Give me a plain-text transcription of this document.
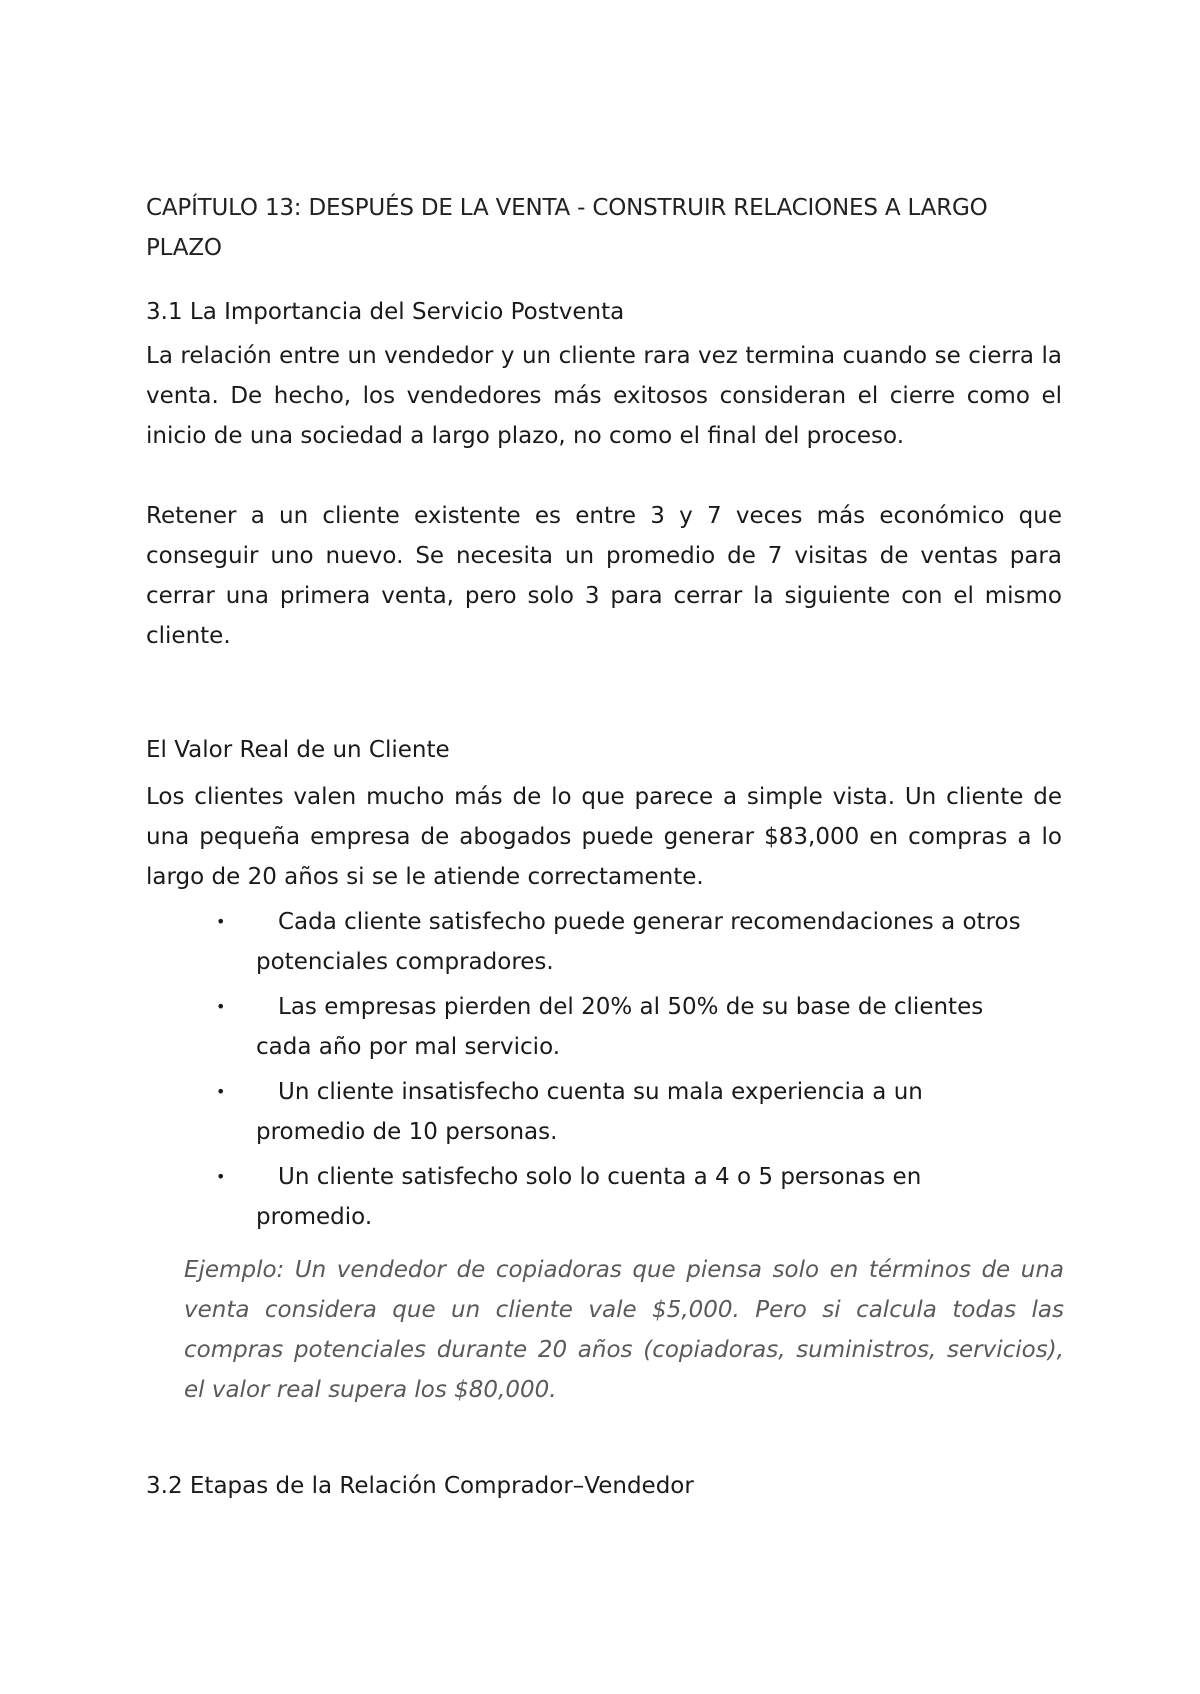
CAPÍTULO 13: DESPUÉS DE LA VENTA - CONSTRUIR RELACIONES A LARGO PLAZO
3.1 La Importancia del Servicio Postventa

La relación entre un vendedor y un cliente rara vez termina cuando se cierra la venta. De hecho, los vendedores más exitosos consideran el cierre como el inicio de una sociedad a largo plazo, no como el final del proceso.

Retener a un cliente existente es entre 3 y 7 veces más económico que conseguir uno nuevo. Se necesita un promedio de 7 visitas de ventas para cerrar una primera venta, pero solo 3 para cerrar la siguiente con el mismo cliente.

El Valor Real de un Cliente

Los clientes valen mucho más de lo que parece a simple vista. Un cliente de una pequeña empresa de abogados puede generar $83,000 en compras a lo largo de 20 años si se le atiende correctamente.

•	Cada cliente satisfecho puede generar recomendaciones a otros potenciales compradores.
•	Las empresas pierden del 20% al 50% de su base de clientes cada año por mal servicio.
•	Un cliente insatisfecho cuenta su mala experiencia a un promedio de 10 personas.
•	Un cliente satisfecho solo lo cuenta a 4 o 5 personas en promedio.

Ejemplo: Un vendedor de copiadoras que piensa solo en términos de una venta considera que un cliente vale $5,000. Pero si calcula todas las compras potenciales durante 20 años (copiadoras, suministros, servicios), el valor real supera los $80,000.

3.2 Etapas de la Relación Comprador–Vendedor
